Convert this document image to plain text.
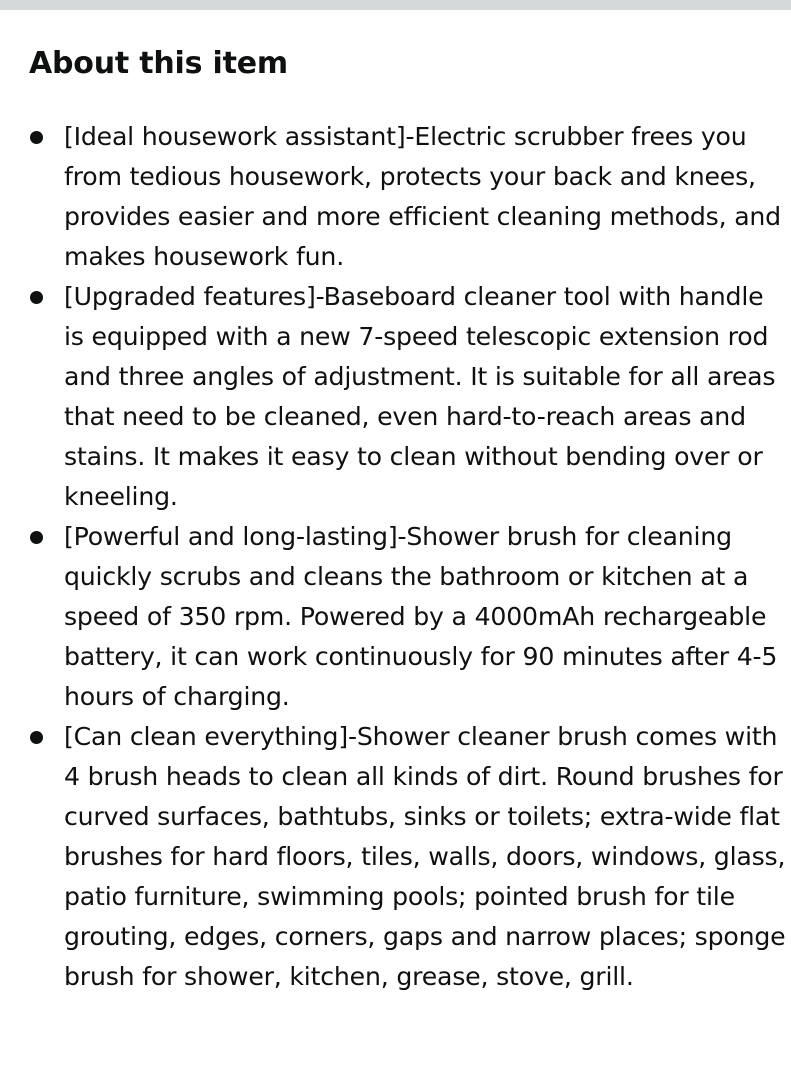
About this item
[Ideal housework assistant]-Electric scrubber frees you from tedious housework, protects your back and knees, provides easier and more efficient cleaning methods, and makes housework fun.
[Upgraded features]-Baseboard cleaner tool with handle is equipped with a new 7-speed telescopic extension rod and three angles of adjustment. It is suitable for all areas that need to be cleaned, even hard-to-reach areas and stains. It makes it easy to clean without bending over or kneeling.
[Powerful and long-lasting]-Shower brush for cleaning quickly scrubs and cleans the bathroom or kitchen at a speed of 350 rpm. Powered by a 4000mAh rechargeable battery, it can work continuously for 90 minutes after 4-5 hours of charging.
[Can clean everything]-Shower cleaner brush comes with 4 brush heads to clean all kinds of dirt. Round brushes for curved surfaces, bathtubs, sinks or toilets; extra-wide flat brushes for hard floors, tiles, walls, doors, windows, glass, patio furniture, swimming pools; pointed brush for tile grouting, edges, corners, gaps and narrow places; sponge brush for shower, kitchen, grease, stove, grill.
